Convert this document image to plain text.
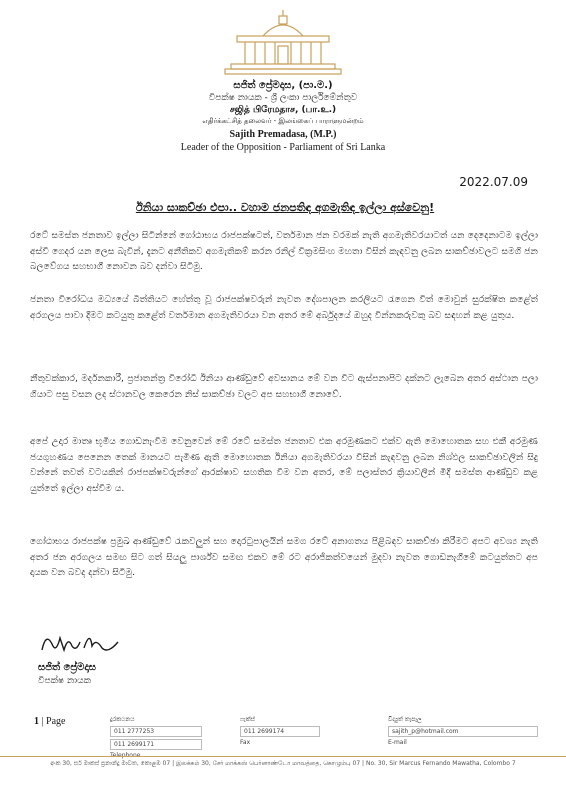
සජිත් ප්‍රේමදාස, (පා.ම.)
විපක්ෂ නායක - ශ්‍රී ලංකා පාර්ලිමේන්තුව
சஜித் பிரேமதாச, (பா.உ.)
எதிர்க்கட்சித் தலைவர் - இலங்கைப் பாராளுமன்றம்
Sajith Premadasa, (M.P.)
Leader of the Opposition - Parliament of Sri Lanka
2022.07.09
ඊනියා සාකච්ඡා එපා.. වහාම ජනපතිඳ අගමැතිඳ ඉල්ලා අස්වෙනු!

රටේ සමස්ත ජනතාව ඉල්ලා සිටින්නේ ගෝඨාභය රාජපක්ෂටත්, වර්තමාන ජන වරමක් නැති අගමැතිවරයාටත් යන දෙදෙනාටම ඉල්ලා අස්වී ගෙදර යන ලෙස බැවින්, දැනට අනීතිකව අගමැතිකම් කරන රනිල් වික්‍රමසිංහ මහතා විසින් කැඳවනු ලබන සාකච්ඡාවලට සමගි ජන බලවේගය සහභාගී නොවන බව දන්වා සිටිමු.

ජනතා විරෝධය මධ්‍යයේ බිත්තියට හේත්තු වූ රාජපක්ෂවරුන් නැවත දේශපාලන කරලියට රැගෙන විත් මොවුන් සුරක්ෂිත කළේත් අරගලය පාවා දීමට කටයුතු කළේත් වර්තමාන අගමැතිවරයා වන අතර මේ අර්බුදයේ ඔහුද වින්නකරුවකු බව සඳහන් කළ යුතුය.

නීතුවක්කාර, මර්දනකාරී, ප්‍රජාතන්ත්‍ර විරෝධී ඊනියා ආණ්ඩුවේ අවසානය මේ වන විට ඇස්පනාපිට දක්නට ලැබෙන අතර අස්ථාන පලා ගියාට පසු වසන ලද ස්ථානවල කෙරෙන නිස් සාකච්ඡා වලට අප සහභාගී නොවේ.

අපේ උදාර මාතෘ භූමිය ගොඩනැංවීම වෙනුවෙන් මේ රටේ සමස්ත ජනතාව එක අරමුණකට එක්ව ඇති මොහොතක සහ එකී අරමුණ ජයගුහණය පෙනෙන තෙක් මානයට පැමිණ ඇති මොහොතක ඊනියා අගමැතිවරයා විසින් කැඳවනු ලබන නිශ්ඵල සාකච්ඡාවලින් සිදු වන්නේ තවත් වටයකින් රාජපක්ෂවරුන්ගේ ආරක්ෂාව සහතික වීම වන අතර, මේ පලාස්තර ක්‍රියාවලින් මිදී සමස්ත ආණ්ඩුව කළ යුත්තේ ඉල්ලා අස්වීම ය.

ගෝඨාභය රාජපක්ෂ ප්‍රමුඛ ආණ්ඩුවේ රැකවලුන් සහ දොරටුපාලයින් සමග රටේ අනාගතය පිළිබඳව සාකච්ඡා කිරීමට අපට අවශ්‍ය නැති අතර ජන අරගලය සමඟ සිට ගත් සියලු පාර්ශ්ව සමඟ එකව මේ රට අරාජිකත්වයෙන් මුදවා නැවත ගොඩනැගීමේ කටයුත්තට අප දායක වන බවද දන්වා සිටිමු.

සජිත් ප්‍රේමදාස
විපක්ෂ නායක
1 | Page	දුරකථනය
011 2777253
011 2699171
ෆැක්ස්
011 2699174
Fax
විද්‍යුත් තැපෑල
sajith_p@hotmail.com
E-mail
අංක 30, සර් මාකස් ප්‍රනාන්දු මාවත, කොළඹ 07 | இலக்கம் 30, சேர் மாக்கஸ் பெர்னாண்டோ மாவத்தை, கொழும்பு 07 | No. 30, Sir Marcus Fernando Mawatha, Colombo 7
